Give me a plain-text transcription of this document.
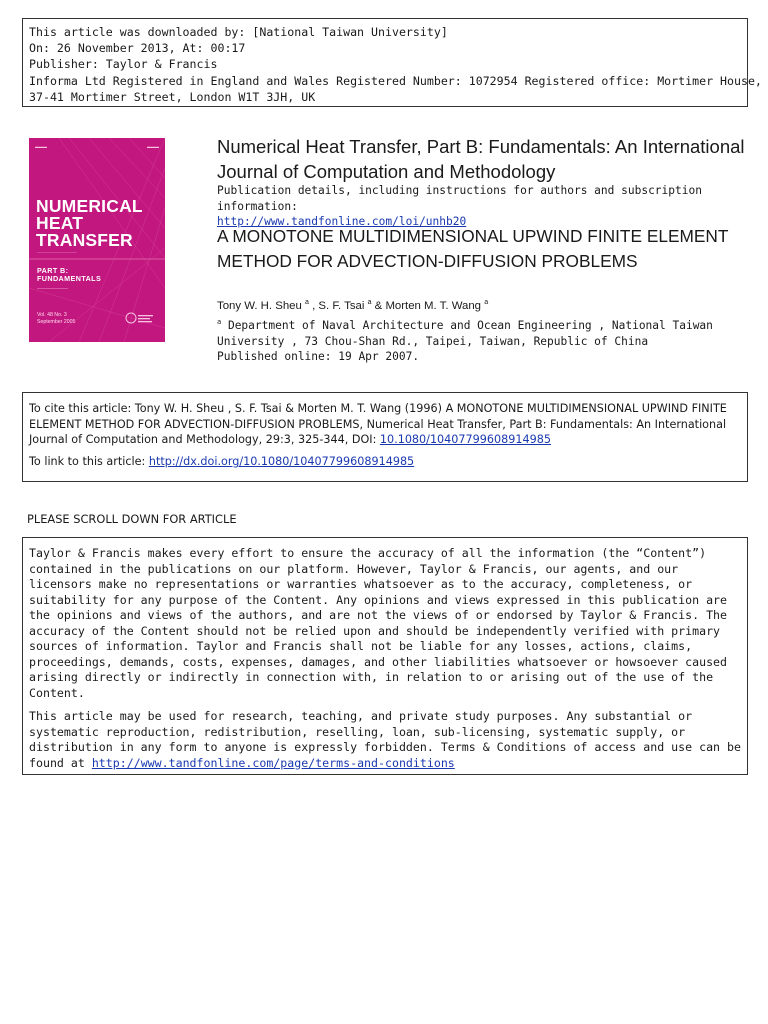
This article was downloaded by: [National Taiwan University]
On: 26 November 2013, At: 00:17
Publisher: Taylor & Francis
Informa Ltd Registered in England and Wales Registered Number: 1072954 Registered office: Mortimer House,
37-41 Mortimer Street, London W1T 3JH, UK
▬▬▬	▬▬▬
NUMERICAL
HEAT
TRANSFER
———————————
PART B:
FUNDAMENTALS
———————
Vol. 48 No. 3
September 2005
Numerical Heat Transfer, Part B: Fundamentals: An International Journal of Computation and Methodology
Publication details, including instructions for authors and subscription information:
http://www.tandfonline.com/loi/unhb20
A MONOTONE MULTIDIMENSIONAL UPWIND FINITE ELEMENT METHOD FOR ADVECTION-DIFFUSION PROBLEMS
Tony W. H. Sheu $^a$ , S. F. Tsai $^a$ & Morten M. T. Wang $^a$
$^a$ Department of Naval Architecture and Ocean Engineering , National Taiwan University , 73 Chou-Shan Rd., Taipei, Taiwan, Republic of China
Published online: 19 Apr 2007.
To cite this article: Tony W. H. Sheu , S. F. Tsai & Morten M. T. Wang (1996) A MONOTONE MULTIDIMENSIONAL UPWIND FINITE ELEMENT METHOD FOR ADVECTION-DIFFUSION PROBLEMS, Numerical Heat Transfer, Part B: Fundamentals: An International Journal of Computation and Methodology, 29:3, 325-344, DOI: 10.1080/10407799608914985
To link to this article: http://dx.doi.org/10.1080/10407799608914985
PLEASE SCROLL DOWN FOR ARTICLE

Taylor & Francis makes every effort to ensure the accuracy of all the information (the “Content”) contained in the publications on our platform. However, Taylor & Francis, our agents, and our licensors make no representations or warranties whatsoever as to the accuracy, completeness, or suitability for any purpose of the Content. Any opinions and views expressed in this publication are the opinions and views of the authors, and are not the views of or endorsed by Taylor & Francis. The accuracy of the Content should not be relied upon and should be independently verified with primary sources of information. Taylor and Francis shall not be liable for any losses, actions, claims, proceedings, demands, costs, expenses, damages, and other liabilities whatsoever or howsoever caused arising directly or indirectly in connection with, in relation to or arising out of the use of the Content.

This article may be used for research, teaching, and private study purposes. Any substantial or systematic reproduction, redistribution, reselling, loan, sub-licensing, systematic supply, or distribution in any form to anyone is expressly forbidden. Terms & Conditions of access and use can be found at http://www.tandfonline.com/page/terms-and-conditions
